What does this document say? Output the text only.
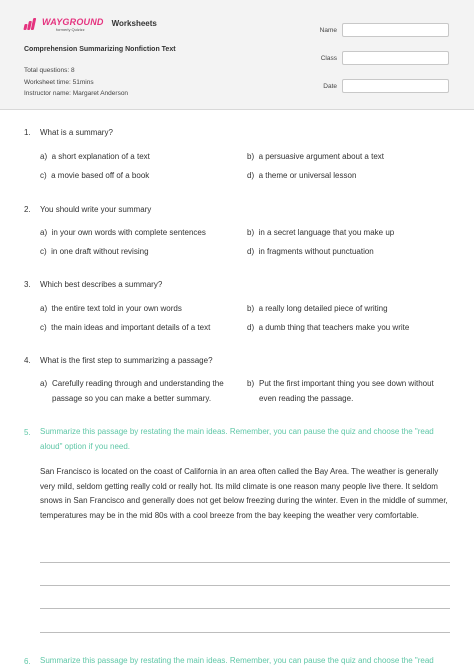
WAYGROUND
formerly Quizizz
Worksheets
Comprehension Summarizing Nonfiction Text
Total questions: 8
Worksheet time: 51mins
Instructor name: Margaret Anderson
Name
Class
Date
1. What is a summary?
a) a short explanation of a text	b) a persuasive argument about a text
c) a movie based off of a book	d) a theme or universal lesson
2. You should write your summary
a) in your own words with complete sentences	b) in a secret language that you make up
c) in one draft without revising	d) in fragments without punctuation
3. Which best describes a summary?
a) the entire text told in your own words	b) a really long detailed piece of writing
c) the main ideas and important details of a text	d) a dumb thing that teachers make you write
4. What is the first step to summarizing a passage?
a) Carefully reading through and understanding the
passage so you can make a better summary.
b) Put the first important thing you see down without
even reading the passage.
5. Summarize this passage by restating the main ideas. Remember, you can pause the quiz and choose the "read aloud" option if you need.
San Francisco is located on the coast of California in an area often called the Bay Area. The weather is generally very mild, seldom getting really cold or really hot. Its mild climate is one reason many people live there. It seldom snows in San Francisco and generally does not get below freezing during the winter. Even in the middle of summer, temperatures may be in the mid 80s with a cool breeze from the bay keeping the weather very comfortable.
6. Summarize this passage by restating the main ideas. Remember, you can pause the quiz and choose the "read
